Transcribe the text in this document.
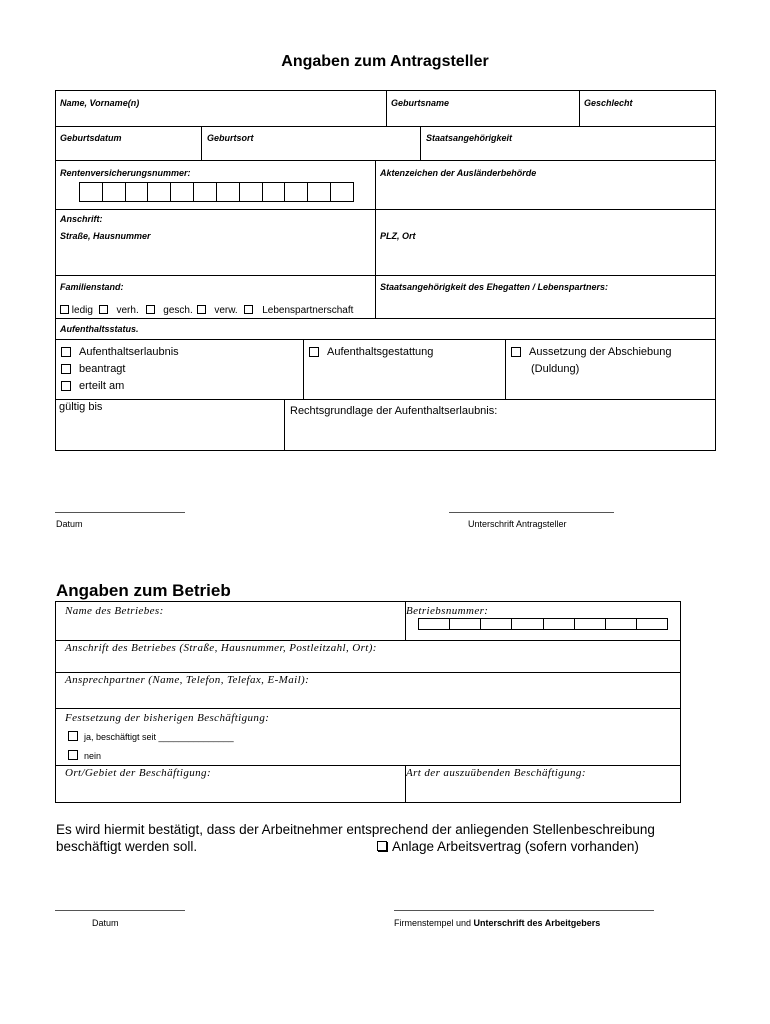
Angaben zum Antragsteller
Name, Vorname(n)	Geburtsname	Geschlecht
Geburtsdatum	Geburtsort	Staatsangehörigkeit
Rentenversicherungsnummer:	Aktenzeichen der Ausländerbehörde
Anschrift:
Straße, Hausnummer	PLZ, Ort
Familienstand:	Staatsangehörigkeit des Ehegatten / Lebenspartners:
ledig verh. gesch. verw. Lebenspartnerschaft
Aufenthaltsstatus.
Aufenthaltserlaubnis
beantragt
erteilt am
Aufenthaltsgestattung	Aussetzung der Abschiebung
(Duldung)
gültig bis	Rechtsgrundlage der Aufenthaltserlaubnis:
Datum	Unterschrift Antragsteller
Angaben zum Betrieb
Name des Betriebes:	Betriebsnummer:
Anschrift des Betriebes (Straße, Hausnummer, Postleitzahl, Ort):
Ansprechpartner (Name, Telefon, Telefax, E-Mail):
Festsetzung der bisherigen Beschäftigung:
ja, beschäftigt seit _______________
nein
Ort/Gebiet der Beschäftigung:	Art der auszuübenden Beschäftigung:
Es wird hiermit bestätigt, dass der Arbeitnehmer entsprechend der anliegenden Stellenbeschreibung
beschäftigt werden soll.	Anlage Arbeitsvertrag (sofern vorhanden)
Datum	Firmenstempel und Unterschrift des Arbeitgebers
